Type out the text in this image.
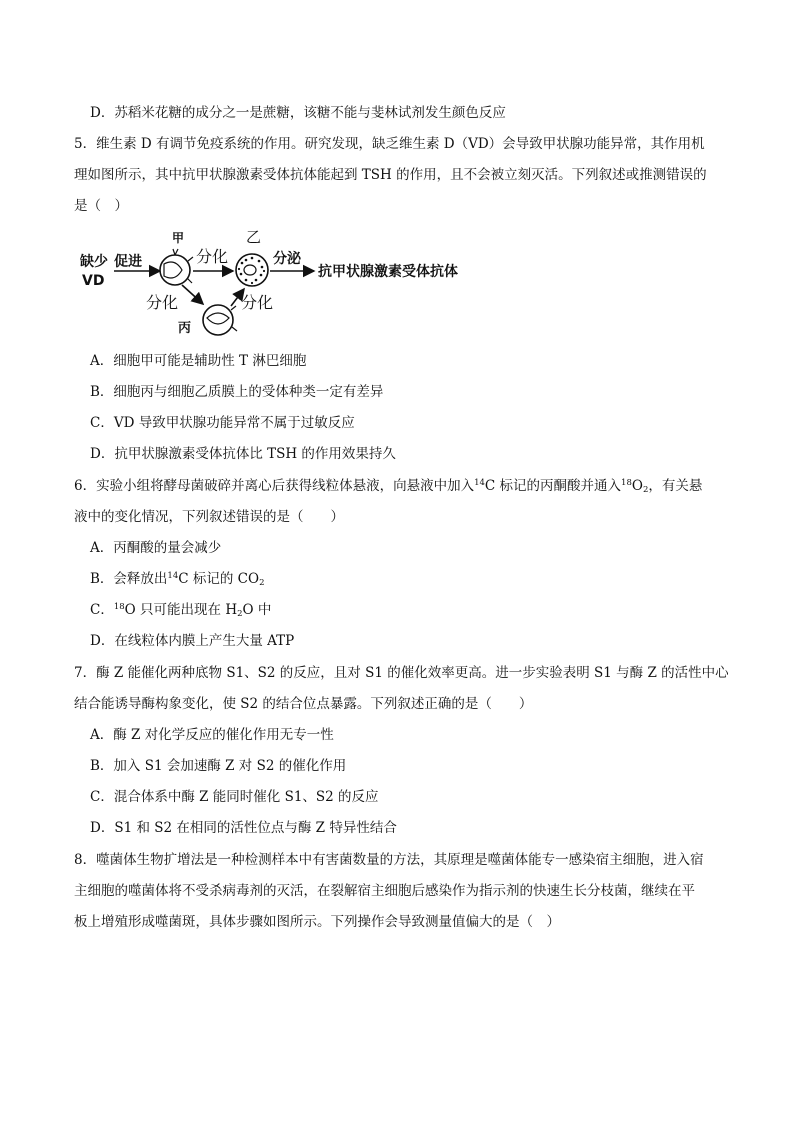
D．苏稻米花糖的成分之一是蔗糖，该糖不能与斐林试剂发生颜色反应
5．维生素 D 有调节免疫系统的作用。研究发现，缺乏维生素 D（VD）会导致甲状腺功能异常，其作用机
理如图所示，其中抗甲状腺激素受体抗体能起到 TSH 的作用，且不会被立刻灭活。下列叙述或推测错误的
是（　）
缺少
VD
促进
甲
分化
乙
分泌
抗甲状腺激素受体抗体
分化
丙
分化
A．细胞甲可能是辅助性 T 淋巴细胞
B．细胞丙与细胞乙质膜上的受体种类一定有差异
C．VD 导致甲状腺功能异常不属于过敏反应
D．抗甲状腺激素受体抗体比 TSH 的作用效果持久
6．实验小组将酵母菌破碎并离心后获得线粒体悬液，向悬液中加入$^{14}$C 标记的丙酮酸并通入$^{18}O_2$，有关悬
液中的变化情况，下列叙述错误的是（　　）
A．丙酮酸的量会减少
B．会释放出$^{14}$C 标记的 $CO_2$
C．$^{18}$O 只可能出现在 $H_2O$ 中
D．在线粒体内膜上产生大量 ATP
7．酶 Z 能催化两种底物 S1、S2 的反应，且对 S1 的催化效率更高。进一步实验表明 S1 与酶 Z 的活性中心
结合能诱导酶构象变化，使 S2 的结合位点暴露。下列叙述正确的是（　　）
A．酶 Z 对化学反应的催化作用无专一性
B．加入 S1 会加速酶 Z 对 S2 的催化作用
C．混合体系中酶 Z 能同时催化 S1、S2 的反应
D．S1 和 S2 在相同的活性位点与酶 Z 特异性结合
8．噬菌体生物扩增法是一种检测样本中有害菌数量的方法，其原理是噬菌体能专一感染宿主细胞，进入宿
主细胞的噬菌体将不受杀病毒剂的灭活，在裂解宿主细胞后感染作为指示剂的快速生长分枝菌，继续在平
板上增殖形成噬菌斑，具体步骤如图所示。下列操作会导致测量值偏大的是（　）
